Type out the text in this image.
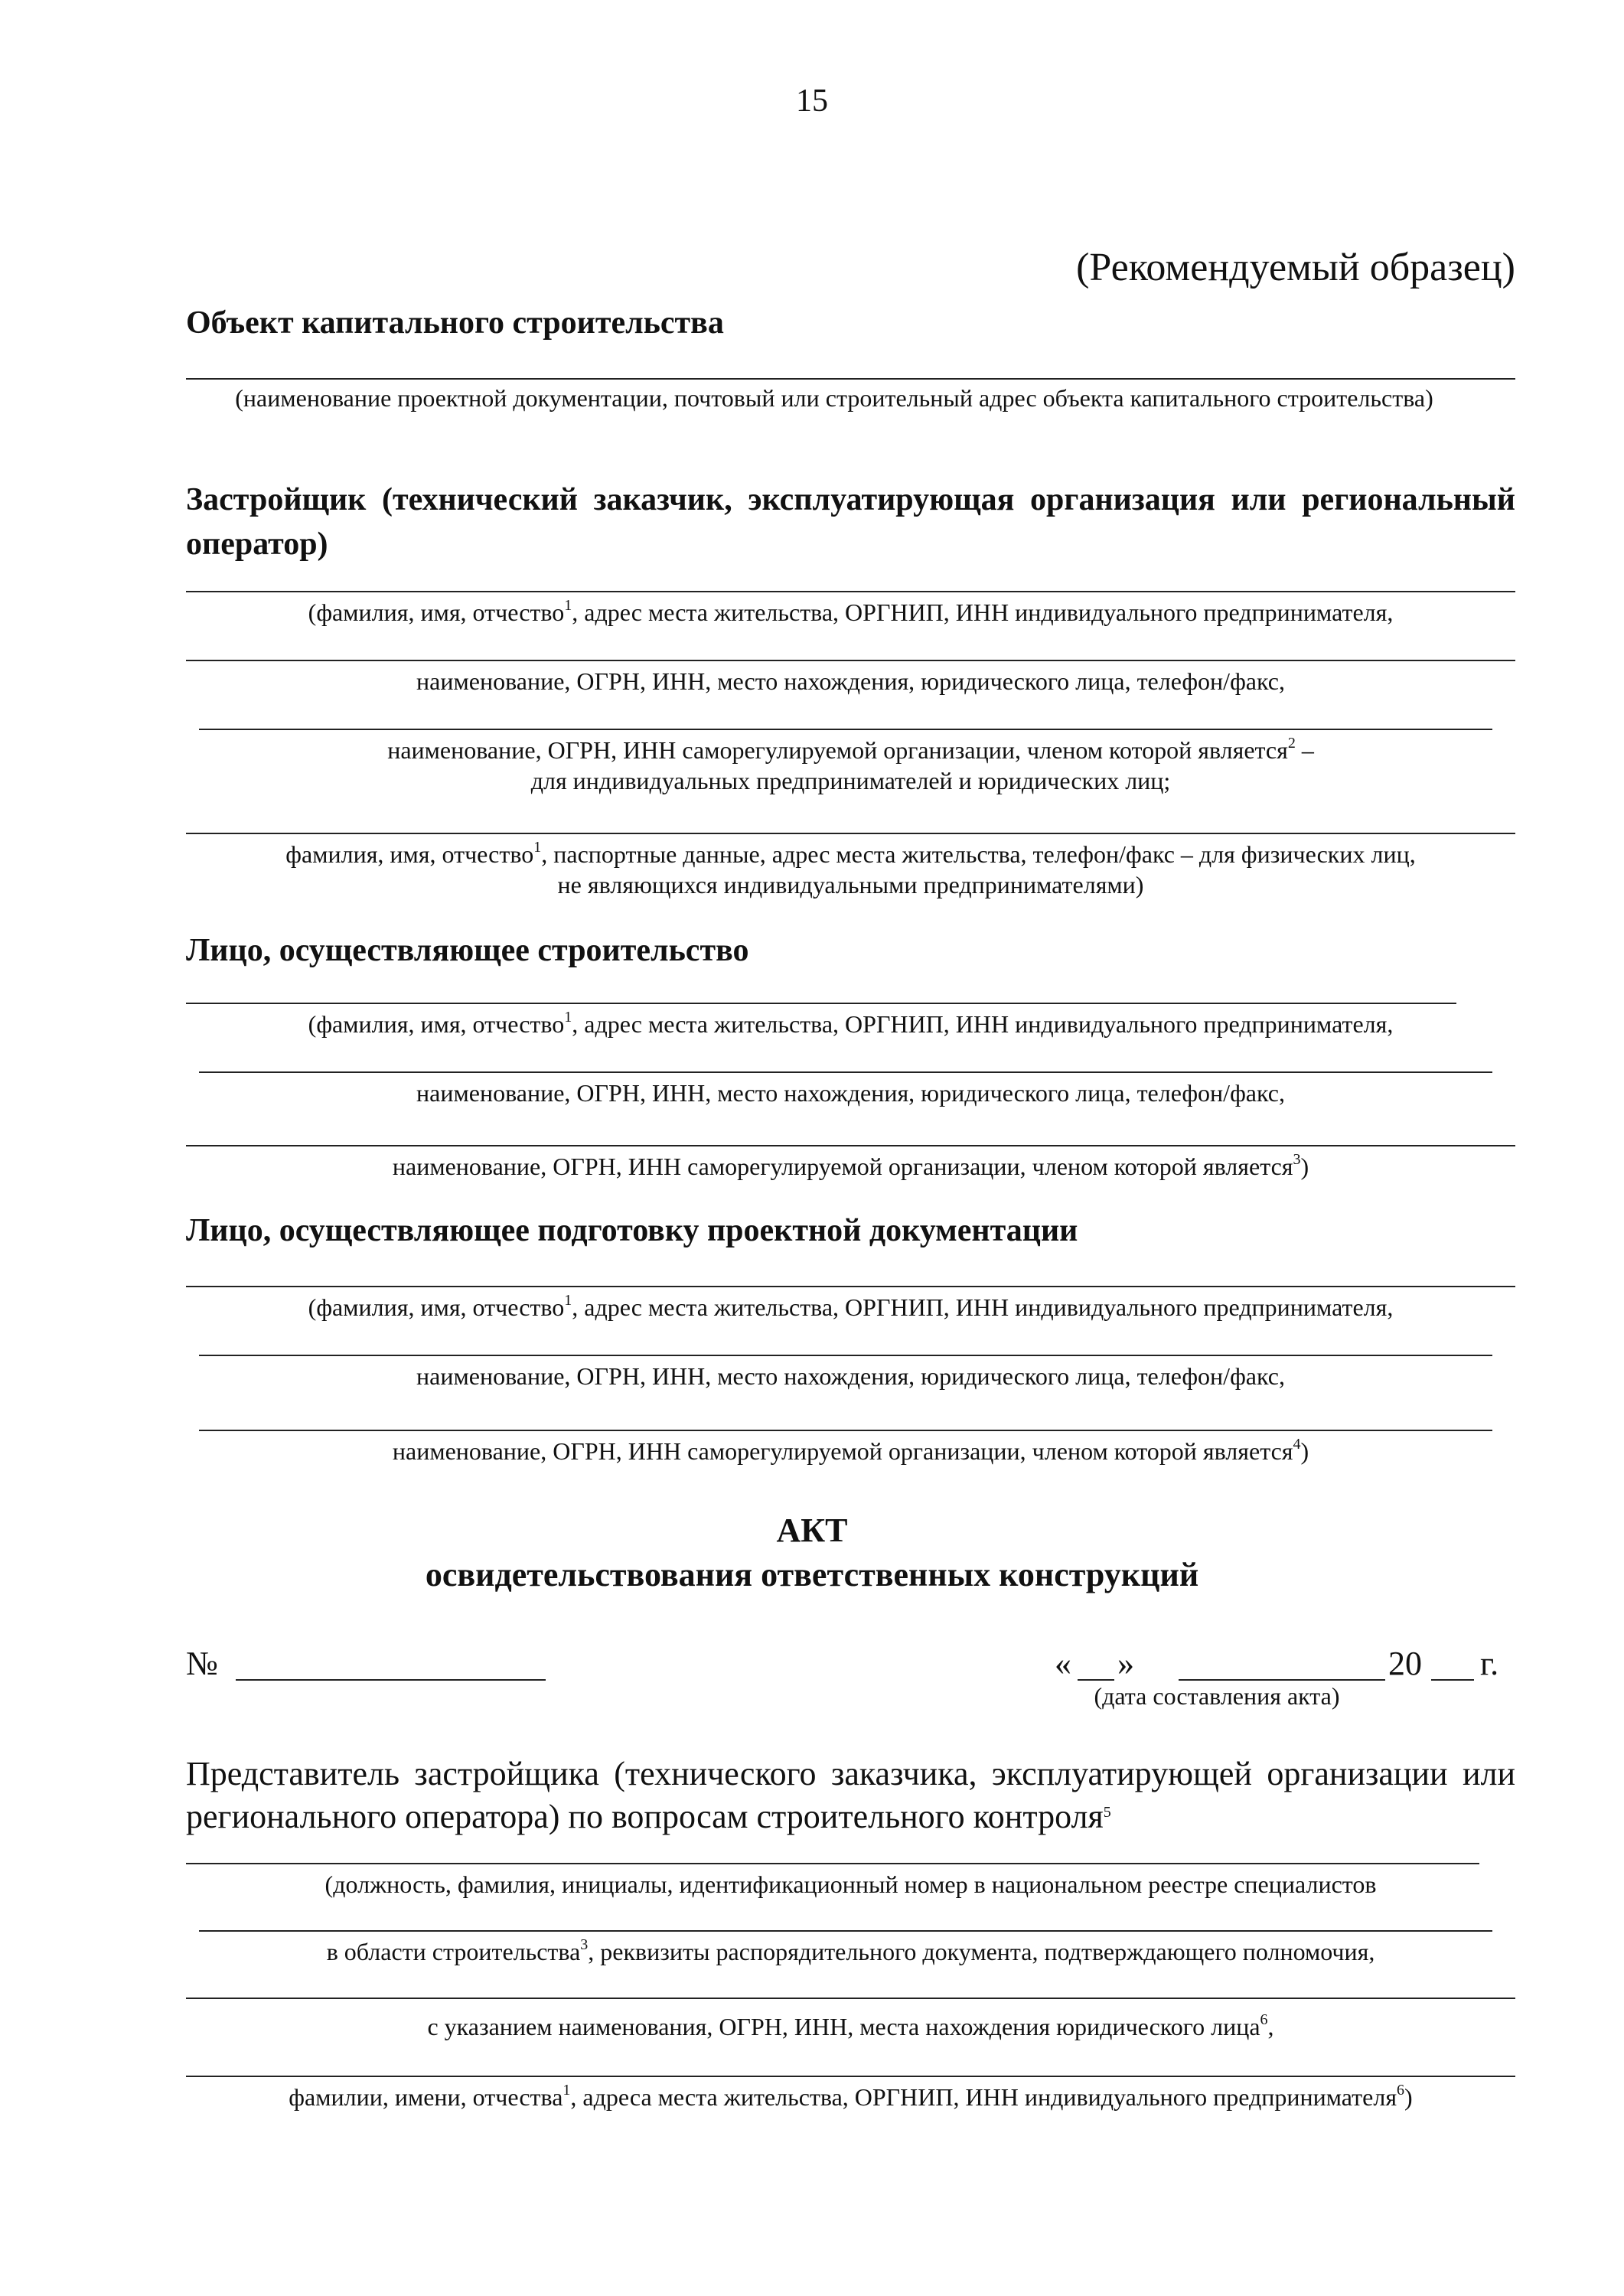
15
(Рекомендуемый образец)
Объект капитального строительства
(наименование проектной документации, почтовый или строительный адрес объекта капитального строительства)
Застройщик (технический заказчик, эксплуатирующая организация или региональный оператор)
(фамилия, имя, отчество$^1$, адрес места жительства, ОРГНИП, ИНН индивидуального предпринимателя,
наименование, ОГРН, ИНН, место нахождения, юридического лица, телефон/факс,
наименование, ОГРН, ИНН саморегулируемой организации, членом которой является$^2$ –
для индивидуальных предпринимателей и юридических лиц;
фамилия, имя, отчество$^1$, паспортные данные, адрес места жительства, телефон/факс – для физических лиц,
не являющихся индивидуальными предпринимателями)
Лицо, осуществляющее строительство
(фамилия, имя, отчество$^1$, адрес места жительства, ОРГНИП, ИНН индивидуального предпринимателя,
наименование, ОГРН, ИНН, место нахождения, юридического лица, телефон/факс,
наименование, ОГРН, ИНН саморегулируемой организации, членом которой является$^3$)
Лицо, осуществляющее подготовку проектной документации
(фамилия, имя, отчество$^1$, адрес места жительства, ОРГНИП, ИНН индивидуального предпринимателя,
наименование, ОГРН, ИНН, место нахождения, юридического лица, телефон/факс,
наименование, ОГРН, ИНН саморегулируемой организации, членом которой является$^4$)
АКТ
освидетельствования ответственных конструкций
№	« »	20 г.
(дата составления акта)
Представитель застройщика (технического заказчика, эксплуатирующей организации или регионального оператора) по вопросам строительного контроля$^5$
(должность, фамилия, инициалы, идентификационный номер в национальном реестре специалистов
в области строительства$^3$, реквизиты распорядительного документа, подтверждающего полномочия,
с указанием наименования, ОГРН, ИНН, места нахождения юридического лица$^6$,
фамилии, имени, отчества$^1$, адреса места жительства, ОРГНИП, ИНН индивидуального предпринимателя$^6$)
